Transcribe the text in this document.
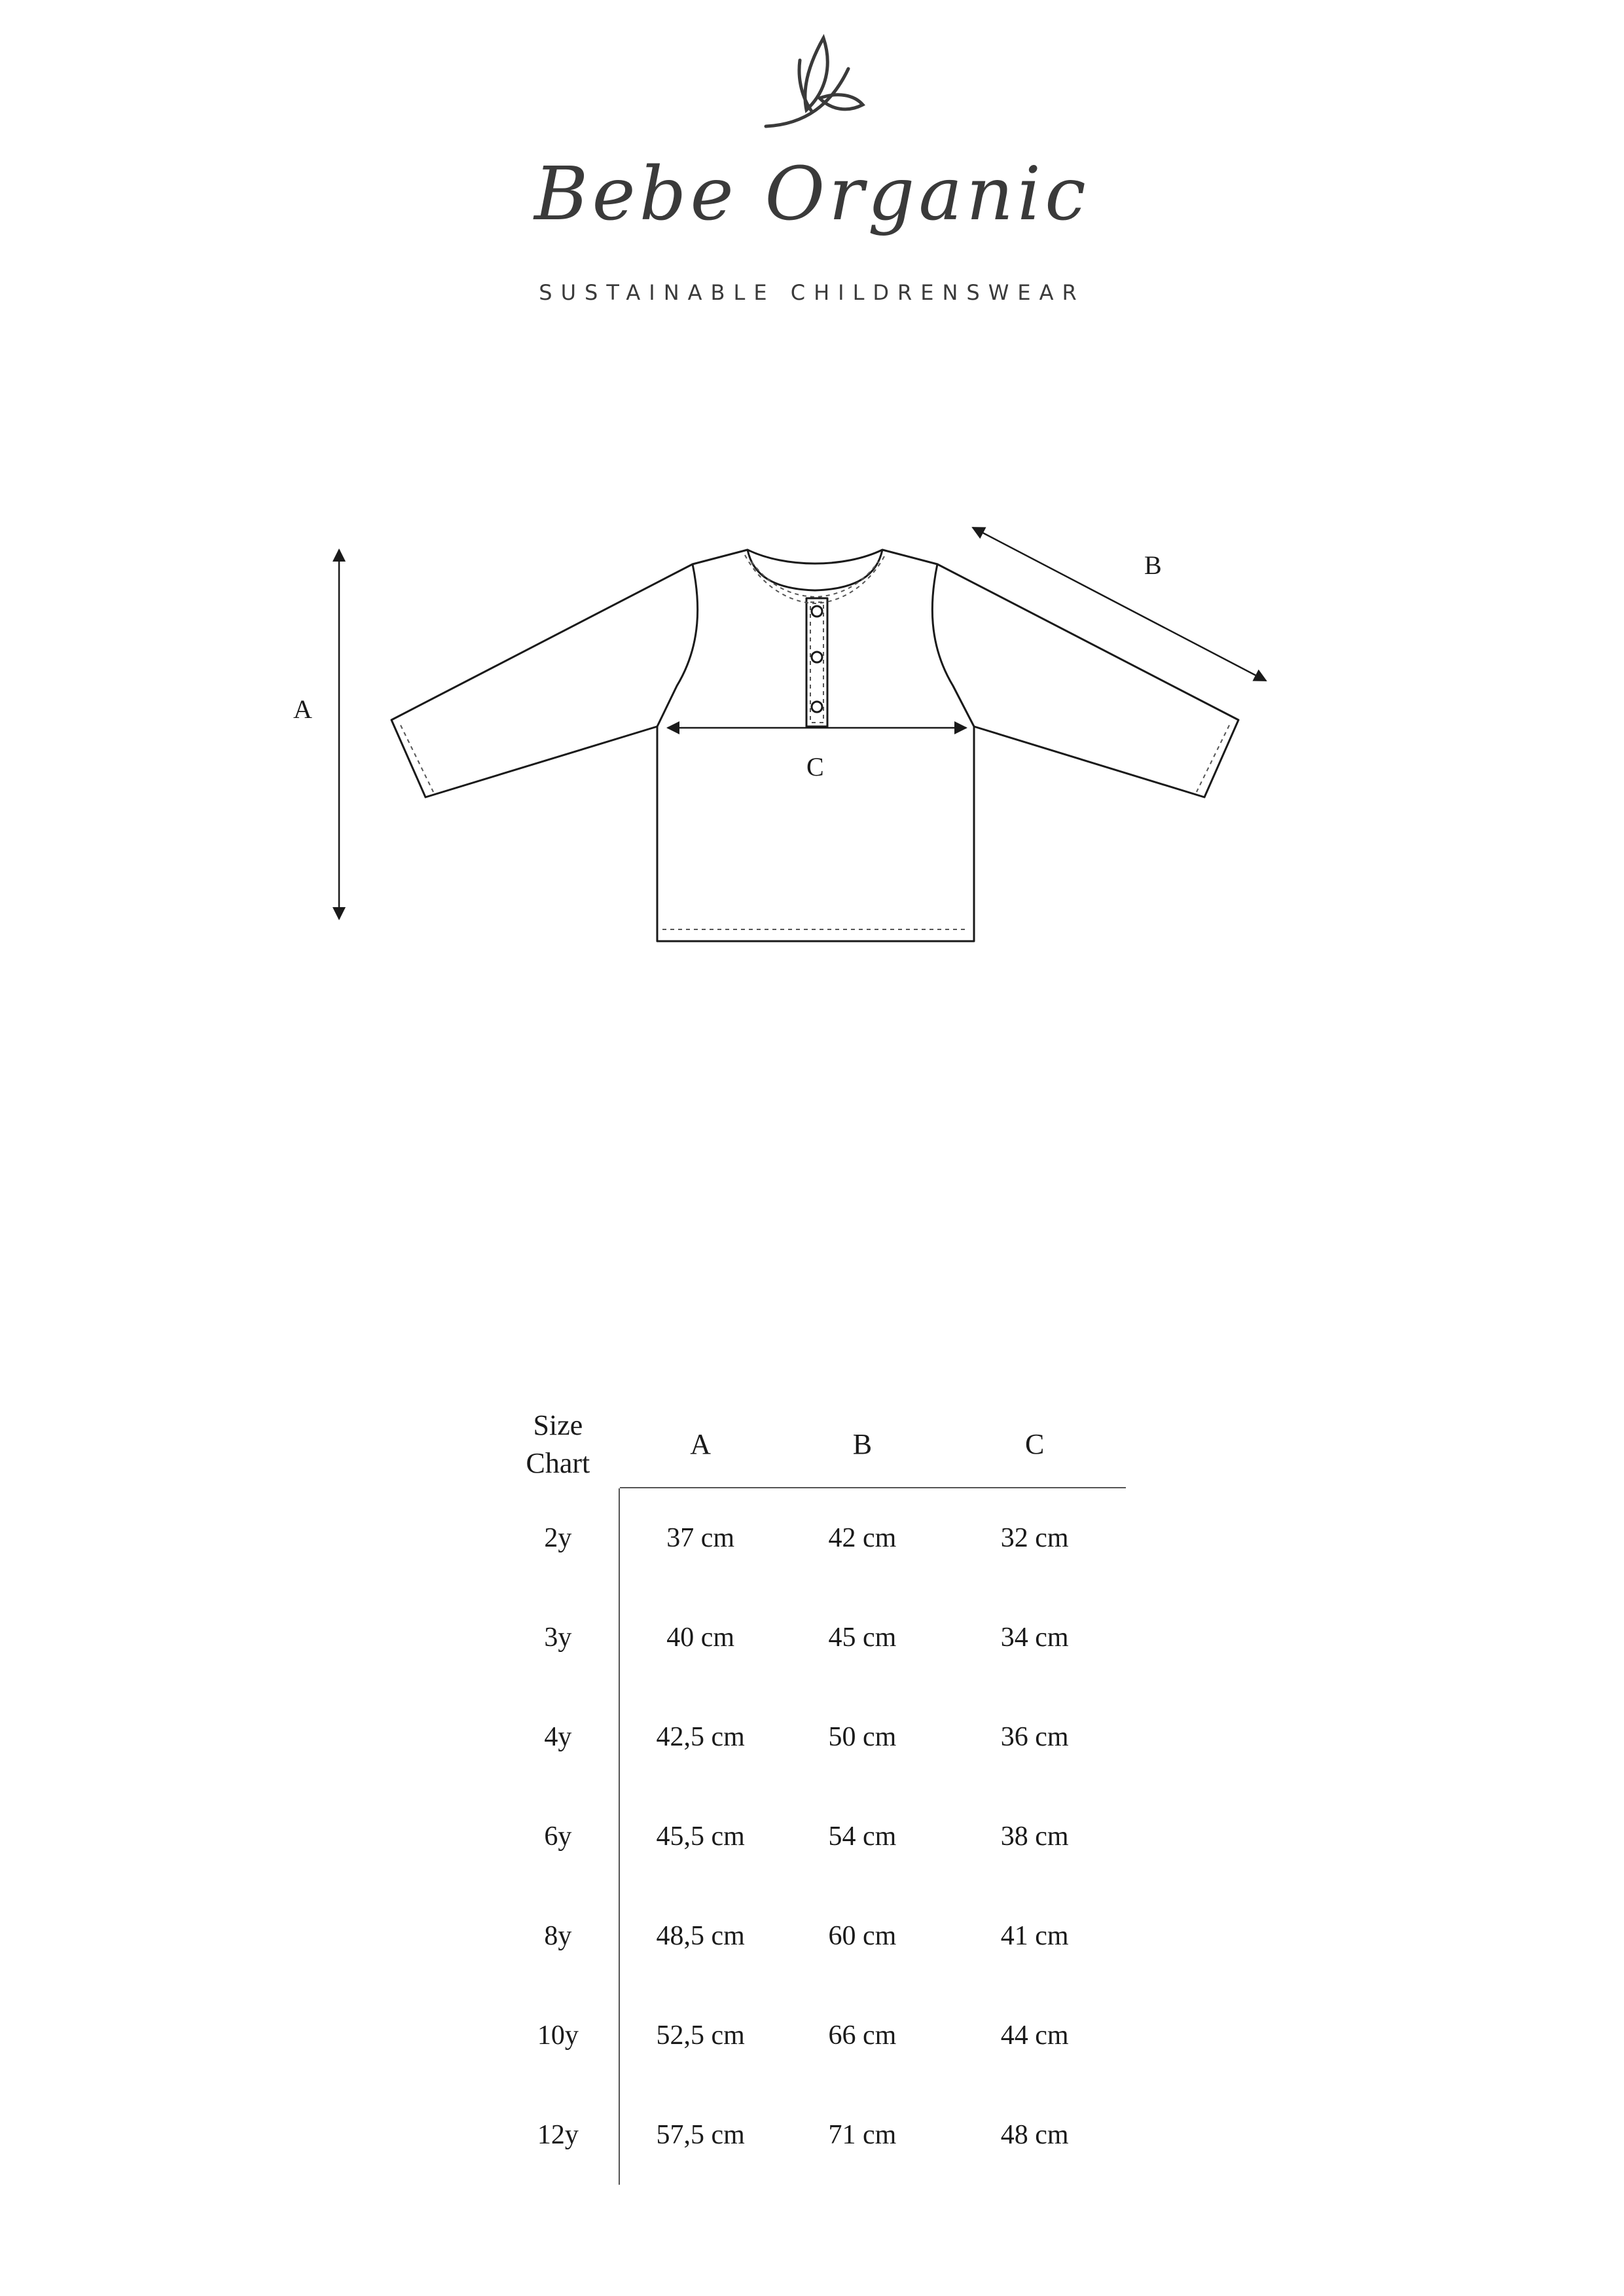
Bebe Organic
SUSTAINABLE CHILDRENSWEAR
A
B
C
Size
Chart	A	B	C
2y	37 cm	42 cm	32 cm
3y	40 cm	45 cm	34 cm
4y	42,5 cm	50 cm	36 cm
6y	45,5 cm	54 cm	38 cm
8y	48,5 cm	60 cm	41 cm
10y	52,5 cm	66 cm	44 cm
12y	57,5 cm	71 cm	48 cm
